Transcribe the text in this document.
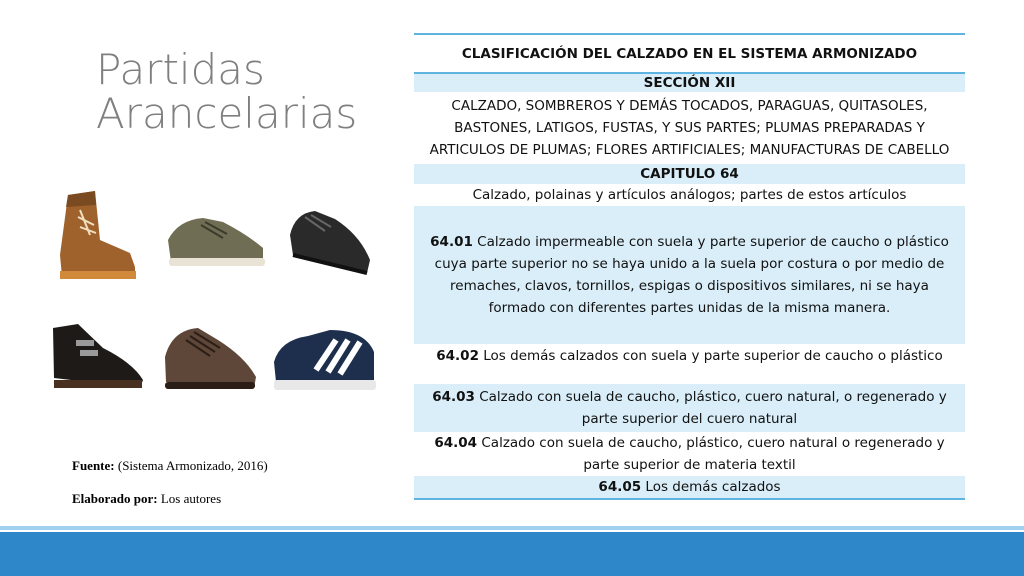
Partidas
Arancelarias
CLASIFICACIÓN DEL CALZADO EN EL SISTEMA ARMONIZADO
SECCIÓN XII
CALZADO, SOMBREROS Y DEMÁS TOCADOS, PARAGUAS, QUITASOLES,
BASTONES, LATIGOS, FUSTAS, Y SUS PARTES; PLUMAS PREPARADAS Y
ARTICULOS DE PLUMAS; FLORES ARTIFICIALES; MANUFACTURAS DE CABELLO
CAPITULO 64
Calzado, polainas y artículos análogos; partes de estos artículos
64.01 Calzado impermeable con suela y parte superior de caucho o plástico
cuya parte superior no se haya unido a la suela por costura o por medio de
remaches, clavos, tornillos, espigas o dispositivos similares, ni se haya
formado con diferentes partes unidas de la misma manera.
64.02 Los demás calzados con suela y parte superior de caucho o plástico
64.03 Calzado con suela de caucho, plástico, cuero natural, o regenerado y
parte superior del cuero natural
64.04 Calzado con suela de caucho, plástico, cuero natural o regenerado y
parte superior de materia textil
64.05 Los demás calzados
Fuente: (Sistema Armonizado, 2016)
Elaborado por: Los autores
